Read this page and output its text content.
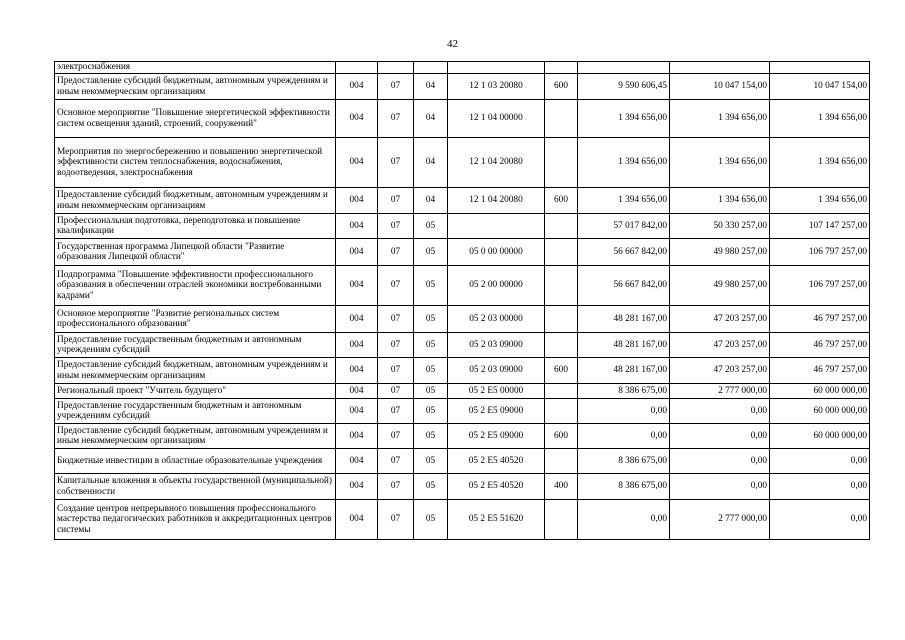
42
электроснабжения								
Предоставление субсидий бюджетным, автономным учреждениям и иным некоммерческим организациям	004	07	04	12 1 03 20080	600	9 590 606,45	10 047 154,00	10 047 154,00
Основное мероприятие "Повышение энергетической эффективности систем освещения зданий, строений, сооружений"	004	07	04	12 1 04 00000		1 394 656,00	1 394 656,00	1 394 656,00
Мероприятия по энергосбережению и повышению энергетической эффективности систем теплоснабжения, водоснабжения, водоотведения, электроснабжения	004	07	04	12 1 04 20080		1 394 656,00	1 394 656,00	1 394 656,00
Предоставление субсидий бюджетным, автономным учреждениям и иным некоммерческим организациям	004	07	04	12 1 04 20080	600	1 394 656,00	1 394 656,00	1 394 656,00
Профессиональная подготовка, переподготовка и повышение квалификации	004	07	05			57 017 842,00	50 330 257,00	107 147 257,00
Государственная программа Липецкой области "Развитие образования Липецкой области"	004	07	05	05 0 00 00000		56 667 842,00	49 980 257,00	106 797 257,00
Подпрограмма "Повышение эффективности профессионального образования в обеспечении отраслей экономики востребованными кадрами"	004	07	05	05 2 00 00000		56 667 842,00	49 980 257,00	106 797 257,00
Основное мероприятие "Развитие региональных систем профессионального образования"	004	07	05	05 2 03 00000		48 281 167,00	47 203 257,00	46 797 257,00
Предоставление государственным бюджетным и автономным учреждениям субсидий	004	07	05	05 2 03 09000		48 281 167,00	47 203 257,00	46 797 257,00
Предоставление субсидий бюджетным, автономным учреждениям и иным некоммерческим организациям	004	07	05	05 2 03 09000	600	48 281 167,00	47 203 257,00	46 797 257,00
Региональный проект "Учитель будущего"	004	07	05	05 2 E5 00000		8 386 675,00	2 777 000,00	60 000 000,00
Предоставление государственным бюджетным и автономным учреждениям субсидий	004	07	05	05 2 E5 09000		0,00	0,00	60 000 000,00
Предоставление субсидий бюджетным, автономным учреждениям и иным некоммерческим организациям	004	07	05	05 2 E5 09000	600	0,00	0,00	60 000 000,00
Бюджетные инвестиции в областные образовательные учреждения	004	07	05	05 2 E5 40520		8 386 675,00	0,00	0,00
Капитальные вложения в объекты государственной (муниципальной) собственности	004	07	05	05 2 E5 40520	400	8 386 675,00	0,00	0,00
Создание центров непрерывного повышения профессионального мастерства педагогических работников и аккредитационных центров системы	004	07	05	05 2 E5 51620		0,00	2 777 000,00	0,00
